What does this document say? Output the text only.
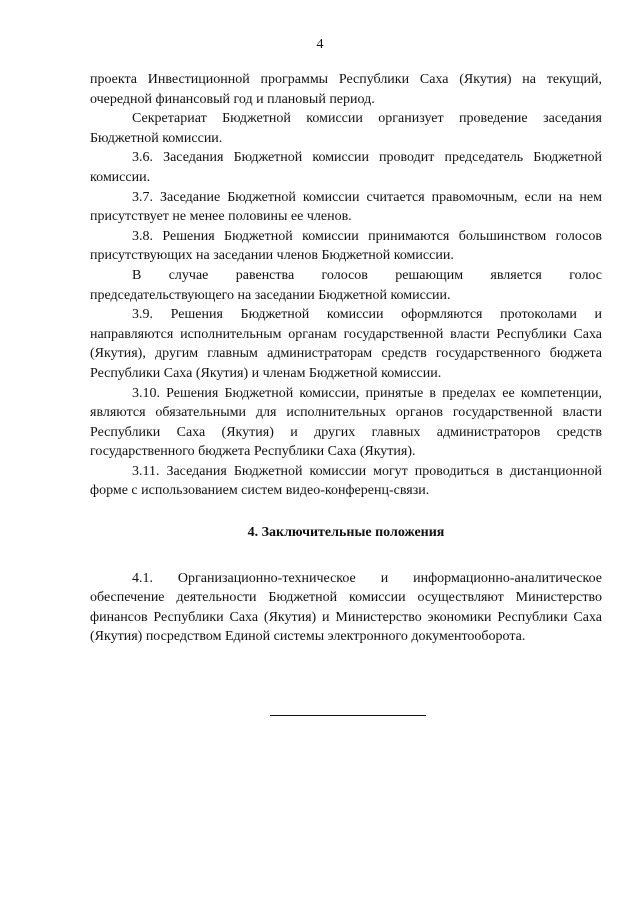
4

проекта Инвестиционной программы Республики Саха (Якутия) на текущий, очередной финансовый год и плановый период.

Секретариат Бюджетной комиссии организует проведение заседания Бюджетной комиссии.

3.6. Заседания Бюджетной комиссии проводит председатель Бюджетной комиссии.

3.7. Заседание Бюджетной комиссии считается правомочным, если на нем присутствует не менее половины ее членов.

3.8. Решения Бюджетной комиссии принимаются большинством голосов присутствующих на заседании членов Бюджетной комиссии.

В случае равенства голосов решающим является голос председательствующего на заседании Бюджетной комиссии.

3.9. Решения Бюджетной комиссии оформляются протоколами и направляются исполнительным органам государственной власти Республики Саха (Якутия), другим главным администраторам средств государственного бюджета Республики Саха (Якутия) и членам Бюджетной комиссии.

3.10. Решения Бюджетной комиссии, принятые в пределах ее компетенции, являются обязательными для исполнительных органов государственной власти Республики Саха (Якутия) и других главных администраторов средств государственного бюджета Республики Саха (Якутия).

3.11. Заседания Бюджетной комиссии могут проводиться в дистанционной форме с использованием систем видео-конференц-связи.

4. Заключительные положения

4.1. Организационно-техническое и информационно-аналитическое обеспечение деятельности Бюджетной комиссии осуществляют Министерство финансов Республики Саха (Якутия) и Министерство экономики Республики Саха (Якутия) посредством Единой системы электронного документооборота.
